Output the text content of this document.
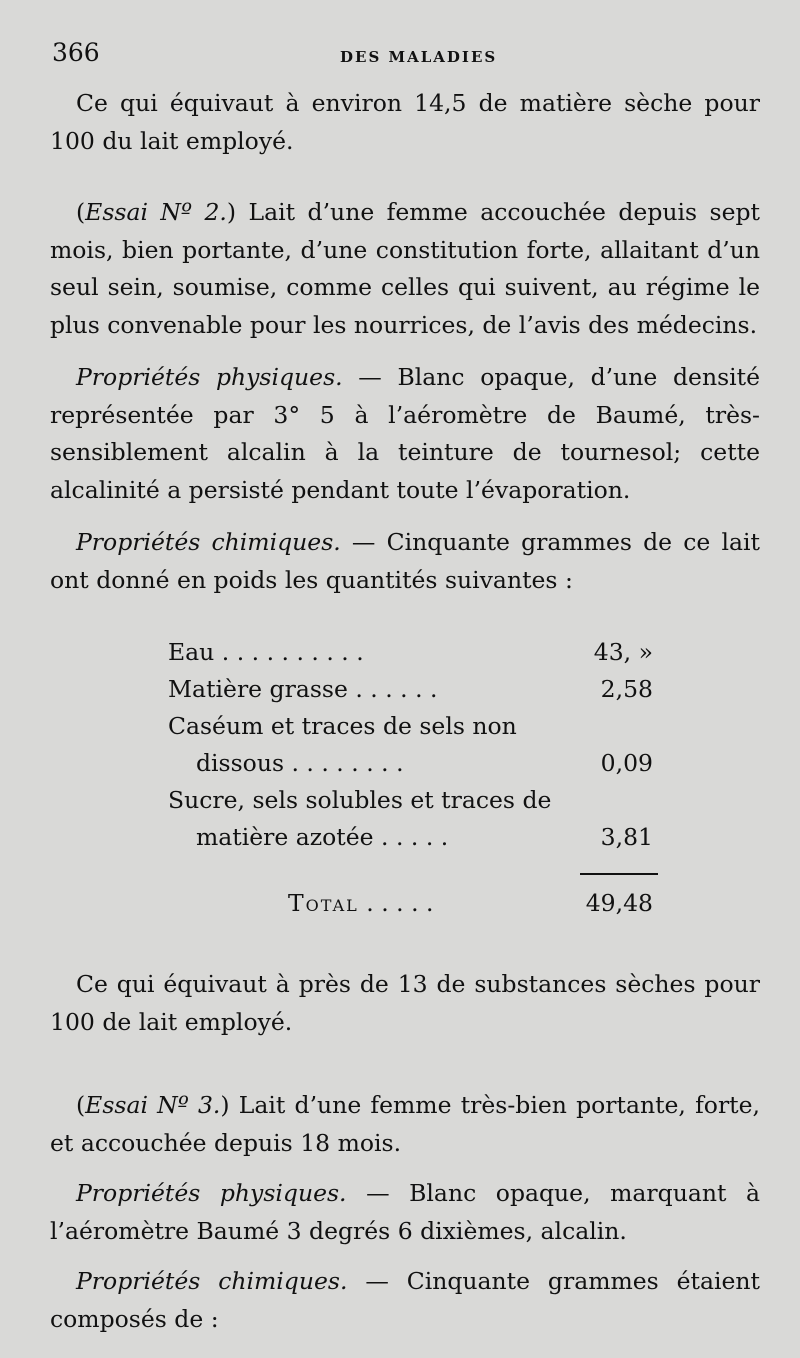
366	DES MALADIES

Ce qui équivaut à environ 14,5 de matière sèche pour 100 du lait employé.

(Essai Nº 2.) Lait d’une femme accouchée depuis sept mois, bien portante, d’une constitution forte, allaitant d’un seul sein, soumise, comme celles qui suivent, au régime le plus convenable pour les nourrices, de l’avis des médecins.

Propriétés physiques. — Blanc opaque, d’une densité représentée par 3° 5 à l’aéromètre de Baumé, très-sensiblement alcalin à la teinture de tournesol; cette alcalinité a persisté pendant toute l’évaporation.

Propriétés chimiques. — Cinquante grammes de ce lait ont donné en poids les quantités suivantes :

Eau . . . . . . . . . .	43, »
Matière grasse . . . . . .	2,58
Caséum et traces de sels non
dissous . . . . . . . .	0,09
Sucre, sels solubles et traces de
matière azotée . . . . .	3,81
Total . . . . .	49,48

Ce qui équivaut à près de 13 de substances sèches pour 100 de lait employé.

(Essai Nº 3.) Lait d’une femme très-bien portante, forte, et accouchée depuis 18 mois.

Propriétés physiques. — Blanc opaque, marquant à l’aéromètre Baumé 3 degrés 6 dixièmes, alcalin.

Propriétés chimiques. — Cinquante grammes étaient composés de :
